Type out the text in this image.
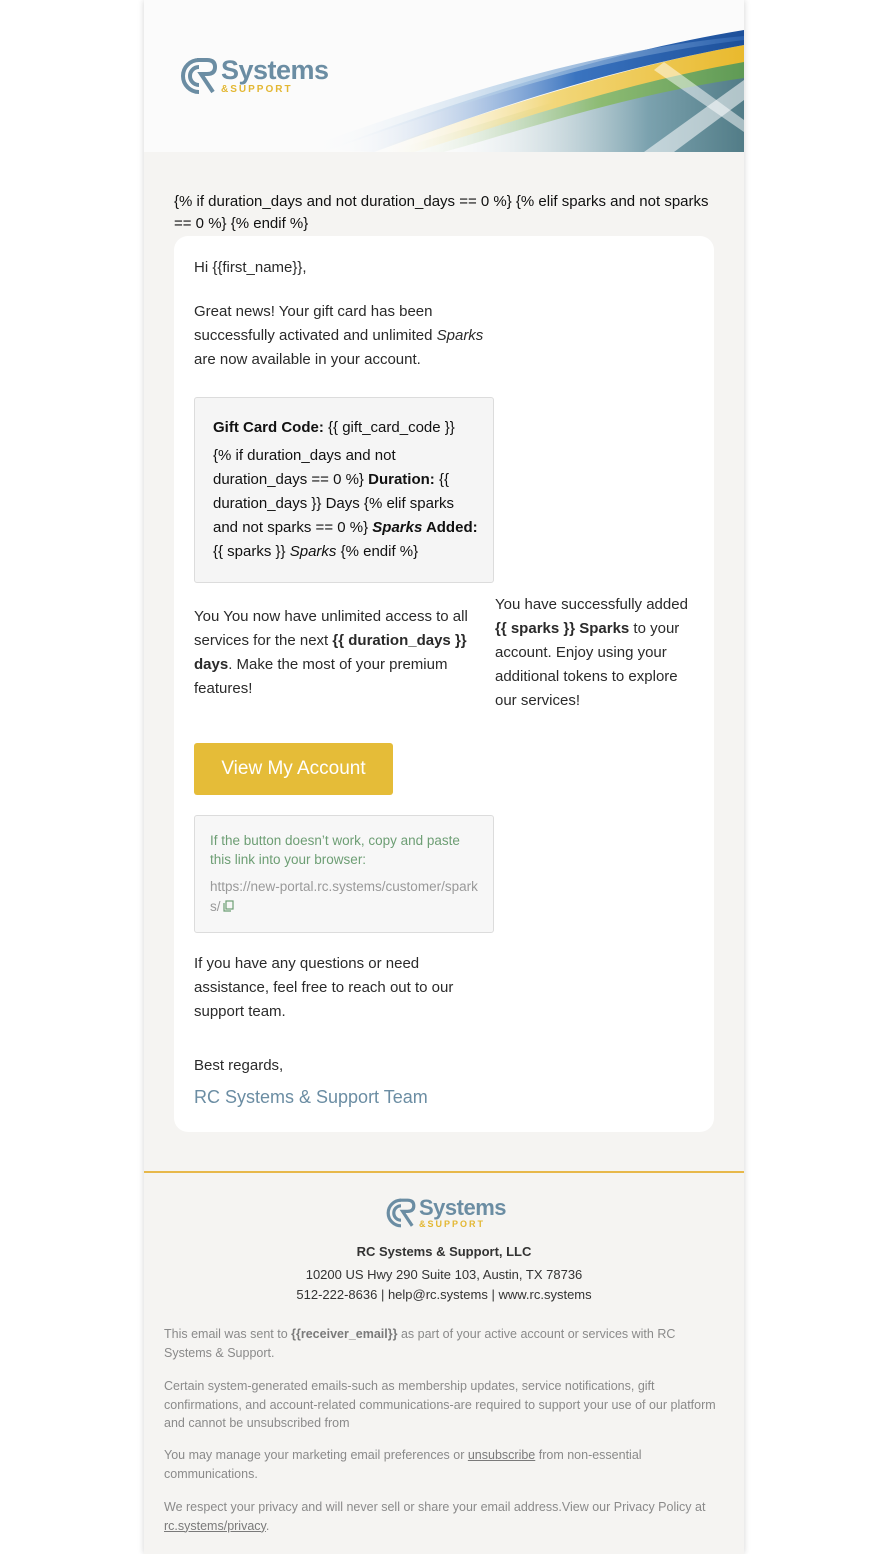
Systems
&SUPPORT
{% if duration_days and not duration_days == 0 %} {% elif sparks and not sparks == 0 %} {% endif %}
Hi {{first_name}},
Great news! Your gift card has been successfully activated and unlimited Sparks are now available in your account.
Gift Card Code: {{ gift_card_code }}
{% if duration_days and not duration_days == 0 %} Duration: {{ duration_days }} Days {% elif sparks and not sparks == 0 %} Sparks Added: {{ sparks }} Sparks {% endif %}
You You now have unlimited access to all services for the next {{ duration_days }} days. Make the most of your premium features!
You have successfully added {{ sparks }} Sparks to your account. Enjoy using your additional tokens to explore our services!
View My Account
If the button doesn’t work, copy and paste this link into your browser:
https://new-portal.rc.systems/customer/sparks/
If you have any questions or need assistance, feel free to reach out to our support team.
Best regards,
RC Systems & Support Team
Systems
&SUPPORT
RC Systems & Support, LLC
10200 US Hwy 290 Suite 103, Austin, TX 78736
512-222-8636 | help@rc.systems | www.rc.systems
This email was sent to {{receiver_email}} as part of your active account or services with RC Systems & Support.
Certain system-generated emails-such as membership updates, service notifications, gift confirmations, and account-related communications-are required to support your use of our platform and cannot be unsubscribed from
You may manage your marketing email preferences or unsubscribe from non-essential communications.
We respect your privacy and will never sell or share your email address.View our Privacy Policy at rc.systems/privacy.
